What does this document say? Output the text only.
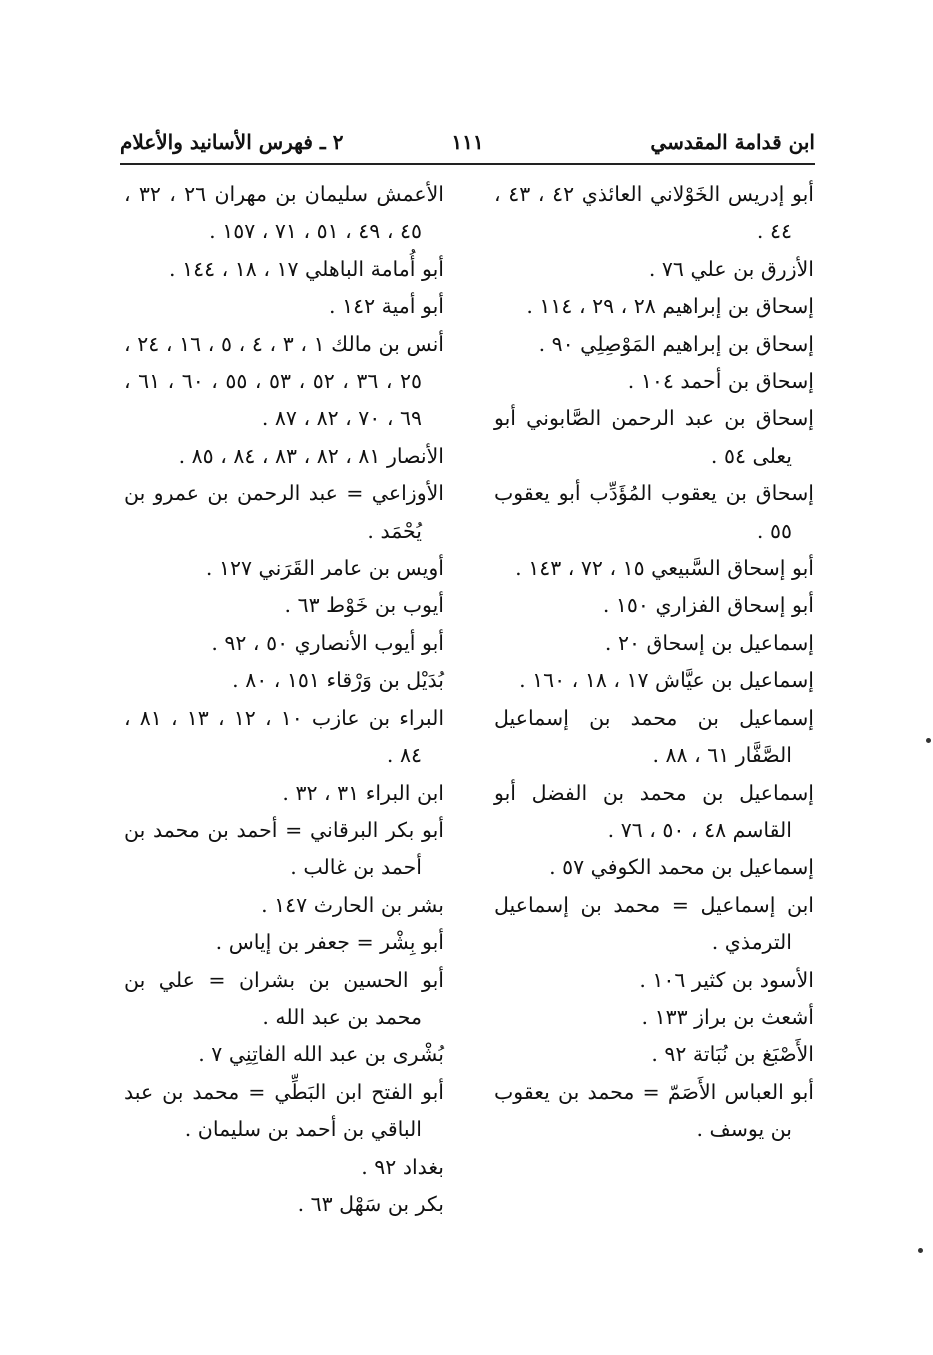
ابن قدامة المقدسي
١١١
٢ ـ فهرس الأسانيد والأعلام

أبو إدريس الخَوْلاني العائذي ٤٢ ، ٤٣ ، ٤٤ .

الأزرق بن علي ٧٦ .

إسحاق بن إبراهيم ٢٨ ، ٢٩ ، ١١٤ .

إسحاق بن إبراهيم المَوْصِلِي ٩٠ .

إسحاق بن أحمد ١٠٤ .

إسحاق بن عبد الرحمن الصَّابوني أبو يعلى ٥٤ .

إسحاق بن يعقوب المُؤَدِّب أبو يعقوب ٥٥ .

أبو إسحاق السَّبيعي ١٥ ، ٧٢ ، ١٤٣ .

أبو إسحاق الفزاري ١٥٠ .

إسماعيل بن إسحاق ٢٠ .

إسماعيل بن عيَّاش ١٧ ، ١٨ ، ١٦٠ .

إسماعيل بن محمد بن إسماعيل الصَّفَّار ٦١ ، ٨٨ .

إسماعيل بن محمد بن الفضل أبو القاسم ٤٨ ، ٥٠ ، ٧٦ .

إسماعيل بن محمد الكوفي ٥٧ .

ابن إسماعيل = محمد بن إسماعيل الترمذي .

الأسود بن كثير ١٠٦ .

أشعث بن براز ١٣٣ .

الأَصْبَغ بن نُبَاتة ٩٢ .

أبو العباس الأَصَمّ = محمد بن يعقوب بن يوسف .

الأعمش سليمان بن مهران ٢٦ ، ٣٢ ، ٤٥ ، ٤٩ ، ٥١ ، ٧١ ، ١٥٧ .

أبو أُمامة الباهلي ١٧ ، ١٨ ، ١٤٤ .

أبو أمية ١٤٢ .

أنس بن مالك ١ ، ٣ ، ٤ ، ٥ ، ١٦ ، ٢٤ ، ٢٥ ، ٣٦ ، ٥٢ ، ٥٣ ، ٥٥ ، ٦٠ ، ٦١ ، ٦٩ ، ٧٠ ، ٨٢ ، ٨٧ .

الأنصار ٨١ ، ٨٢ ، ٨٣ ، ٨٤ ، ٨٥ .

الأوزاعي = عبد الرحمن بن عمرو بن يُحْمَد .

أويس بن عامر القَرَني ١٢٧ .

أيوب بن خَوْط ٦٣ .

أبو أيوب الأنصاري ٥٠ ، ٩٢ .

بُدَيْل بن وَرْقاء ١٥١ ، ٨٠ .

البراء بن عازب ١٠ ، ١٢ ، ١٣ ، ٨١ ، ٨٤ .

ابن البراء ٣١ ، ٣٢ .

أبو بكر البرقاني = أحمد بن محمد بن أحمد بن غالب .

بشر بن الحارث ١٤٧ .

أبو بِشْر = جعفر بن إياس .

أبو الحسين بن بشران = علي بن محمد بن عبد الله .

بُشْرى بن عبد الله الفاتِنِي ٧ .

أبو الفتح ابن البَطِّي = محمد بن عبد الباقي بن أحمد بن سليمان .

بغداد ٩٢ .

بكر بن سَهْل ٦٣ .
